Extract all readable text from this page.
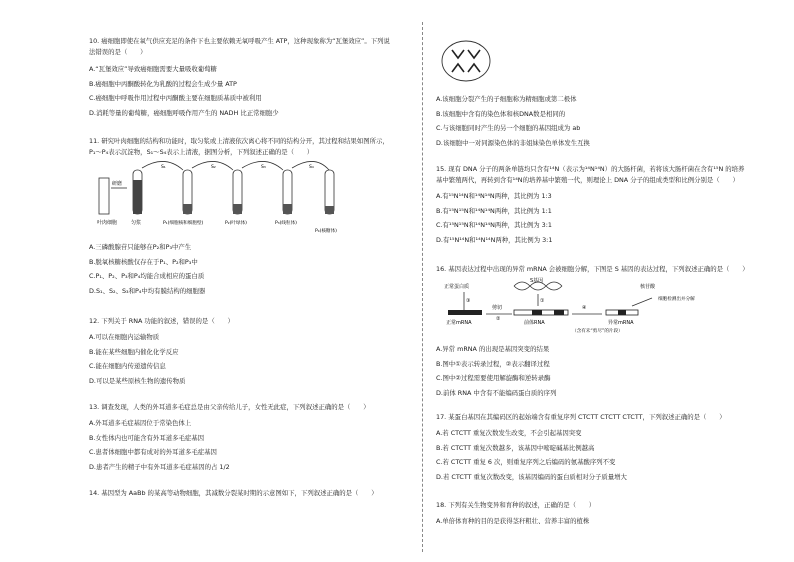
10. 癌细胞即使在氧气供应充足的条件下也主要依赖无氧呼吸产生 ATP，这种现象称为“瓦堡效应”。下列说
法错误的是（　　）
A.“瓦堡效应”导致癌细胞需要大量吸收葡萄糖
B.癌细胞中丙酮酸转化为乳酸的过程会生成少量 ATP
C.癌细胞中呼吸作用过程中丙酮酸主要在细胞质基质中被利用
D.消耗等量的葡萄糖，癌细胞呼吸作用产生的 NADH 比正常细胞少
11. 研究叶肉细胞的结构和功能时，取匀浆或上清液依次离心将不同的结构分开，其过程和结果如图所示，
P₁～P₄表示沉淀物，S₁～S₄表示上清液，据图分析，下列叙述正确的是（　　）
叶肉细胞
研磨
匀浆	P₁(细胞核和细胞壁)	P₂(叶绿体)	P₃(线粒体)
P₄(核糖体)
S₁	S₂	S₃	S₄
A.三磷酸腺苷只能够在P₂和P₃中产生
B.脱氧核糖核酸仅存在于P₁、P₂和P₃中
C.P₁、P₂、P₃和P₄均能合成相应的蛋白质
D.S₁、S₂、S₃和P₄中均有膜结构的细胞器
12. 下列关于 RNA 功能的叙述，错误的是（　　）
A.可以在细胞内运输物质
B.能在某些细胞内催化化学反应
C.能在细胞内传递遗传信息
D.可以是某些原核生物的遗传物质
13. 调查发现，人类的外耳道多毛症总是由父亲传给儿子，女性无此症，下列叙述正确的是（　　）
A.外耳道多毛症基因位于常染色体上
B.女性体内也可能含有外耳道多毛症基因
C.患者体细胞中都有成对的外耳道多毛症基因
D.患者产生的精子中有外耳道多毛症基因的占 1/2
14. 基因型为 AaBb 的某高等动物细胞，其减数分裂某时期的示意图如下，下列叙述正确的是（　　）
A.该细胞分裂产生的子细胞称为精细胞或第二极体
B.该细胞中含有的染色体和核DNA数是相同的
C.与该细胞同时产生的另一个细胞的基因组成为 ab
D.该细胞中一对同源染色体的非姐妹染色单体发生互换
15. 现有 DNA 分子的两条单链均只含有¹⁴N（表示为¹⁴N¹⁴N）的大肠杆菌，若将该大肠杆菌在含有¹⁵N 的培养
基中繁殖两代，再转到含有¹⁴N的培养基中繁殖一代，则理论上 DNA 分子的组成类型和比例分别是（　　）
A.有¹⁵N¹⁴N和¹⁴N¹⁴N两种，其比例为 1:3
B.有¹⁵N¹⁵N和¹⁴N¹⁴N两种，其比例为 1:1
C.有¹⁵N¹⁵N和¹⁴N¹⁴N两种，其比例为 3:1
D.有¹⁵N¹⁴N和¹⁴N¹⁴N两种，其比例为 3:1
16. 基因表达过程中出现的异常 mRNA 会被细胞分解，下图是 S 基因的表达过程，下列叙述正确的是（　　）
正常蛋白质
S基因
剪切
前体RNA
正常mRNA	异常mRNA
（含有未“剪尽”的片段）
核苷酸
细胞检测出并分解
③	①
②
④
A.异常 mRNA 的出现是基因突变的结果
B.图中①表示转录过程，②表示翻译过程
C.图中②过程需要使用解旋酶和逆转录酶
D.前体 RNA 中含有不能编码蛋白质的序列
17. 某蛋白基因在其编码区的起始端含有重复序列 CTCTT CTCTT CTCTT，下列叙述正确的是（　　）
A.若 CTCTT 重复次数发生改变，不会引起基因突变
B.若 CTCTT 重复次数越多，该基因中嘧啶碱基比例越高
C.若 CTCTT 重复 6 次，则重复序列之后编码的氨基酸序列不变
D.若 CTCTT 重复次数改变，该基因编码的蛋白质相对分子质量增大
18. 下列有关生物变异和育种的叙述，正确的是（　　）
A.单倍体育种的目的是获得茎秆粗壮、营养丰富的植株
